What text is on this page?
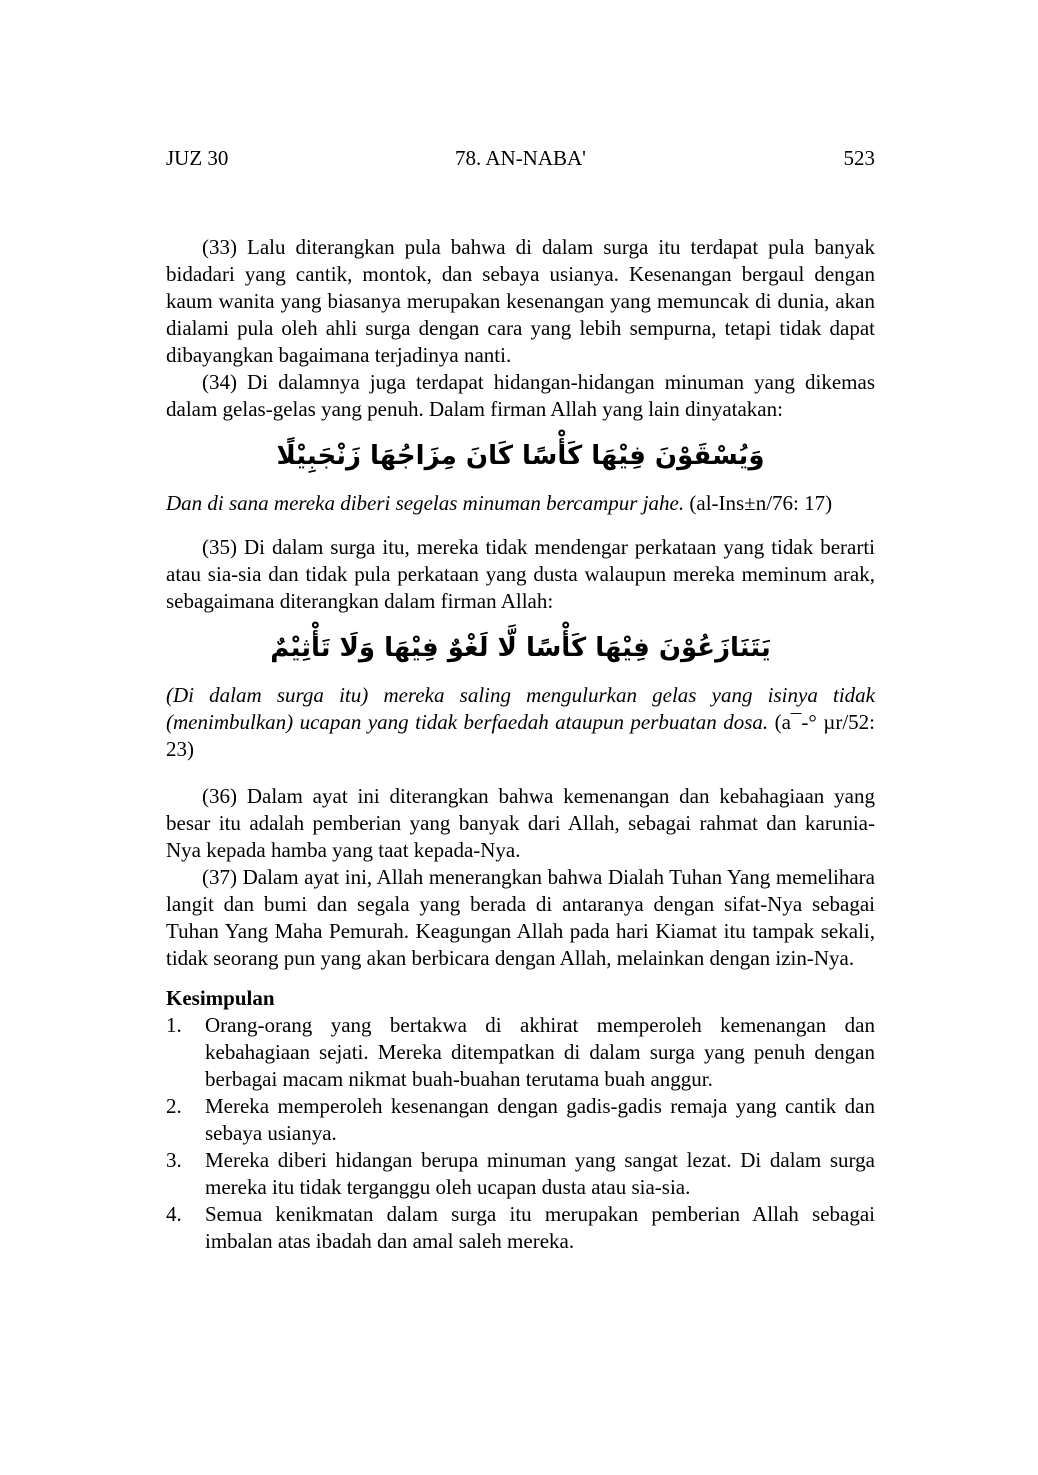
JUZ 30	78. AN-NABA'	523

(33) Lalu diterangkan pula bahwa di dalam surga itu terdapat pula banyak bidadari yang cantik, montok, dan sebaya usianya. Kesenangan bergaul dengan kaum wanita yang biasanya merupakan kesenangan yang memuncak di dunia, akan dialami pula oleh ahli surga dengan cara yang lebih sempurna, tetapi tidak dapat dibayangkan bagaimana terjadinya nanti.

(34) Di dalamnya juga terdapat hidangan-hidangan minuman yang dikemas dalam gelas-gelas yang penuh. Dalam firman Allah yang lain dinyatakan:

وَيُسْقَوْنَ فِيْهَا كَأْسًا كَانَ مِزَاجُهَا زَنْجَبِيْلًا

Dan di sana mereka diberi segelas minuman bercampur jahe. (al-Ins±n/76: 17)

(35) Di dalam surga itu, mereka tidak mendengar perkataan yang tidak berarti atau sia-sia dan tidak pula perkataan yang dusta walaupun mereka meminum arak, sebagaimana diterangkan dalam firman Allah:

يَتَنَازَعُوْنَ فِيْهَا كَأْسًا لَّا لَغْوٌ فِيْهَا وَلَا تَأْثِيْمٌ

(Di dalam surga itu) mereka saling mengulurkan gelas yang isinya tidak (menimbulkan) ucapan yang tidak berfaedah ataupun perbuatan dosa. (a¯-° µr/52: 23)

(36) Dalam ayat ini diterangkan bahwa kemenangan dan kebahagiaan yang besar itu adalah pemberian yang banyak dari Allah, sebagai rahmat dan karunia-Nya kepada hamba yang taat kepada-Nya.

(37) Dalam ayat ini, Allah menerangkan bahwa Dialah Tuhan Yang memelihara langit dan bumi dan segala yang berada di antaranya dengan sifat-Nya sebagai Tuhan Yang Maha Pemurah. Keagungan Allah pada hari Kiamat itu tampak sekali, tidak seorang pun yang akan berbicara dengan Allah, melainkan dengan izin-Nya.

Kesimpulan
1.	Orang-orang yang bertakwa di akhirat memperoleh kemenangan dan kebahagiaan sejati. Mereka ditempatkan di dalam surga yang penuh dengan berbagai macam nikmat buah-buahan terutama buah anggur.
2.	Mereka memperoleh kesenangan dengan gadis-gadis remaja yang cantik dan sebaya usianya.
3.	Mereka diberi hidangan berupa minuman yang sangat lezat. Di dalam surga mereka itu tidak terganggu oleh ucapan dusta atau sia-sia.
4.	Semua kenikmatan dalam surga itu merupakan pemberian Allah sebagai imbalan atas ibadah dan amal saleh mereka.
